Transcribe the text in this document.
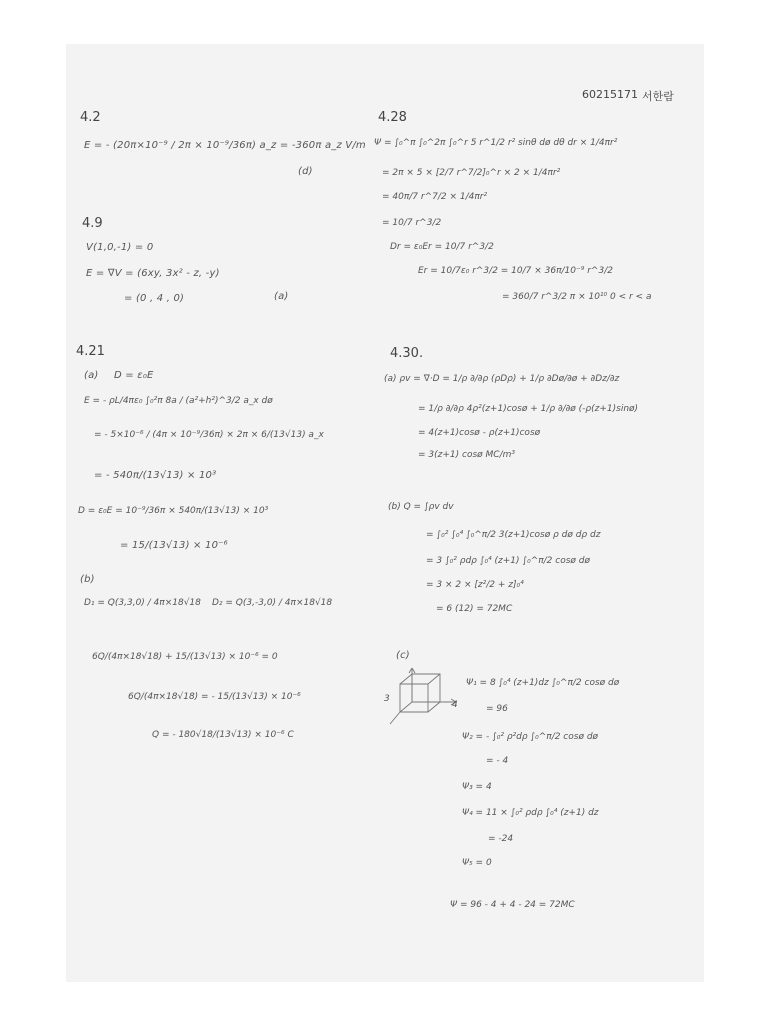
60215171 서한람
4.2
E = - (20π×10⁻⁹ / 2π × 10⁻⁹/36π) a_z = -360π a_z V/m
(d)
4.9
V(1,0,-1) = 0
E = ∇V = (6xy, 3x² - z, -y)
= (0 , 4 , 0)	(a)
4.21
(a) D = ε₀E
E = - ρL/4πε₀ ∫₀²π 8a / (a²+h²)^3/2 a_x dø
= - 5×10⁻⁶ / (4π × 10⁻⁹/36π) × 2π × 6/(13√13) a_x
= - 540π/(13√13) × 10³
D = ε₀E = 10⁻⁹/36π × 540π/(13√13) × 10³
= 15/(13√13) × 10⁻⁶
(b)
D₁ = Q(3,3,0) / 4π×18√18 D₂ = Q(3,-3,0) / 4π×18√18
6Q/(4π×18√18) + 15/(13√13) × 10⁻⁶ = 0
6Q/(4π×18√18) = - 15/(13√13) × 10⁻⁶
Q = - 180√18/(13√13) × 10⁻⁶ C
4.28
Ψ = ∫₀^π ∫₀^2π ∫₀^r 5 r^1/2 r² sinθ dø dθ dr × 1/4πr²
= 2π × 5 × [2/7 r^7/2]₀^r × 2 × 1/4πr²
= 40π/7 r^7/2 × 1/4πr²
= 10/7 r^3/2
Dr = ε₀Er = 10/7 r^3/2
Er = 10/7ε₀ r^3/2 = 10/7 × 36π/10⁻⁹ r^3/2
= 360/7 r^3/2 π × 10¹⁰ 0 < r < a
4.30.
(a) ρv = ∇·D = 1/ρ ∂/∂ρ (ρDρ) + 1/ρ ∂Dø/∂ø + ∂Dz/∂z
= 1/ρ ∂/∂ρ 4ρ²(z+1)cosø + 1/ρ ∂/∂ø (-ρ(z+1)sinø)
= 4(z+1)cosø - ρ(z+1)cosø
= 3(z+1) cosø MC/m³
(b) Q = ∫ρv dv
= ∫₀² ∫₀⁴ ∫₀^π/2 3(z+1)cosø ρ dø dρ dz
= 3 ∫₀² ρdρ ∫₀⁴ (z+1) ∫₀^π/2 cosø dø
= 3 × 2 × [z²/2 + z]₀⁴
= 6 (12) = 72MC
(c)
3
4
Ψ₁ = 8 ∫₀⁴ (z+1)dz ∫₀^π/2 cosø dø
= 96
Ψ₂ = - ∫₀² ρ²dρ ∫₀^π/2 cosø dø
= - 4
Ψ₃ = 4
Ψ₄ = 11 × ∫₀² ρdρ ∫₀⁴ (z+1) dz
= -24
Ψ₅ = 0
Ψ = 96 - 4 + 4 - 24 = 72MC
